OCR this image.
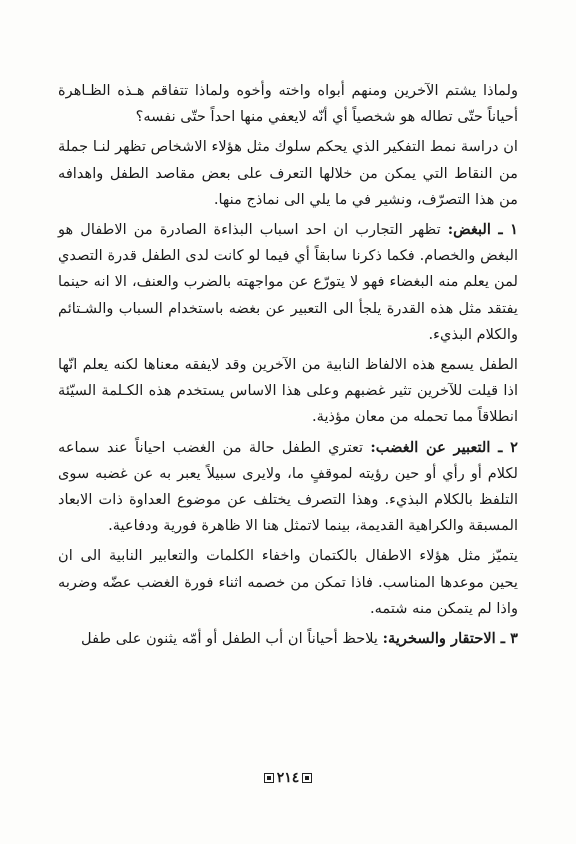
ولماذا يشتم الآخرين ومنهم أبواه واخته وأخوه ولماذا تتفاقم هـذه الظـاهرة أحياناً حتّى تطاله هو شخصياً أي أنّه لايعفي منها احداً حتّى نفسه؟

ان دراسة نمط التفكير الذي يحكم سلوك مثل هؤلاء الاشخاص تظهر لنـا جملة من النقاط التي يمكن من خلالها التعرف على بعض مقاصد الطفل واهدافه من هذا التصرّف، ونشير في ما يلي الى نماذج منها.

١ ـ البغض: تظهر التجارب ان احد اسباب البذاءة الصادرة من الاطفال هو البغض والخصام. فكما ذكرنا سابقاً أي فيما لو كانت لدى الطفل قدرة التصدي لمن يعلم منه البغضاء فهو لا يتورّع عن مواجهته بالضرب والعنف، الا انه حينما يفتقد مثل هذه القدرة يلجأ الى التعبير عن بغضه باستخدام السباب والشـتائم والكلام البذيء.

الطفل يسمع هذه الالفاظ النابية من الآخرين وقد لايفقه معناها لكنه يعلم انّها اذا قيلت للآخرين تثير غضبهم وعلى هذا الاساس يستخدم هذه الكـلمة السيّئة انطلاقاً مما تحمله من معان مؤذية.

٢ ـ التعبير عن الغضب: تعتري الطفل حالة من الغضب احياناً عند سماعه لكلام أو رأي أو حين رؤيته لموقفٍ ما، ولايرى سبيلاً يعبر به عن غضبه سوى التلفظ بالكلام البذيء. وهذا التصرف يختلف عن موضوع العداوة ذات الابعاد المسبقة والكراهية القديمة، بينما لاتمثل هنا الا ظاهرة فورية ودفاعية.

يتميّز مثل هؤلاء الاطفال بالكتمان واخفاء الكلمات والتعابير النابية الى ان يحين موعدها المناسب. فاذا تمكن من خصمه اثناء فورة الغضب عضّه وضربه واذا لم يتمكن منه شتمه.

٣ ـ الاحتقار والسخرية: يلاحظ أحياناً ان أب الطفل أو أمّه يثنون على طفل

٢١٤
